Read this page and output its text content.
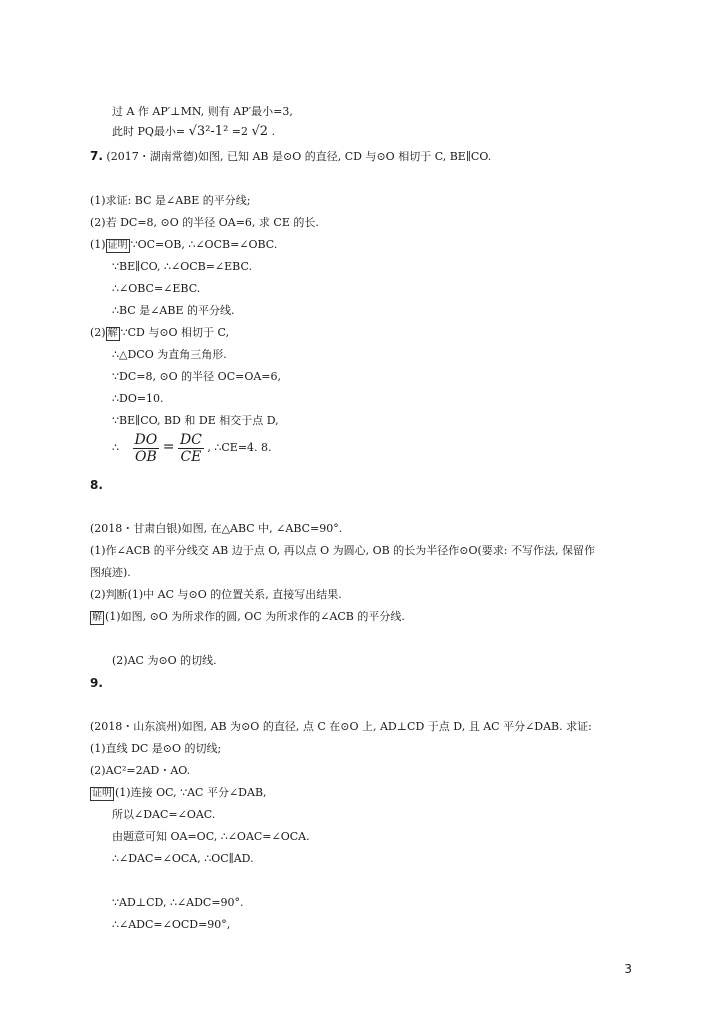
过 A 作 AP′⊥MN, 则有 AP′最小=3,
此时 PQ最小= √3²-1² =2 √2 .
7. (2017・湖南常德)如图, 已知 AB 是⊙O 的直径, CD 与⊙O 相切于 C, BE∥CO.
(1)求证: BC 是∠ABE 的平分线;
(2)若 DC=8, ⊙O 的半径 OA=6, 求 CE 的长.
(1) 证明 ∵OC=OB, ∴∠OCB=∠OBC.
∵BE∥CO, ∴∠OCB=∠EBC.
∴∠OBC=∠EBC.
∴BC 是∠ABE 的平分线.
(2) 解 ∵CD 与⊙O 相切于 C,
∴△DCO 为直角三角形.
∵DC=8, ⊙O 的半径 OC=OA=6,
∴DO=10.
∵BE∥CO, BD 和 DE 相交于点 D,
∴ $\frac{DO}{OB} = \frac{DC}{CE}$ , ∴CE=4. 8.
8.
(2018・甘肃白银)如图, 在△ABC 中, ∠ABC=90°.
(1)作∠ACB 的平分线交 AB 边于点 O, 再以点 O 为圆心, OB 的长为半径作⊙O(要求: 不写作法, 保留作
图痕迹).
(2)判断(1)中 AC 与⊙O 的位置关系, 直接写出结果.
解 (1)如图, ⊙O 为所求作的圆, OC 为所求作的∠ACB 的平分线.
(2)AC 为⊙O 的切线.
9.
(2018・山东滨州)如图, AB 为⊙O 的直径, 点 C 在⊙O 上, AD⊥CD 于点 D, 且 AC 平分∠DAB. 求证:
(1)直线 DC 是⊙O 的切线;
(2)AC²=2AD・AO.
证明 (1)连接 OC, ∵AC 平分∠DAB,
所以∠DAC=∠OAC.
由题意可知 OA=OC, ∴∠OAC=∠OCA.
∴∠DAC=∠OCA, ∴OC∥AD.
∵AD⊥CD, ∴∠ADC=90°.
∴∠ADC=∠OCD=90°,
3
